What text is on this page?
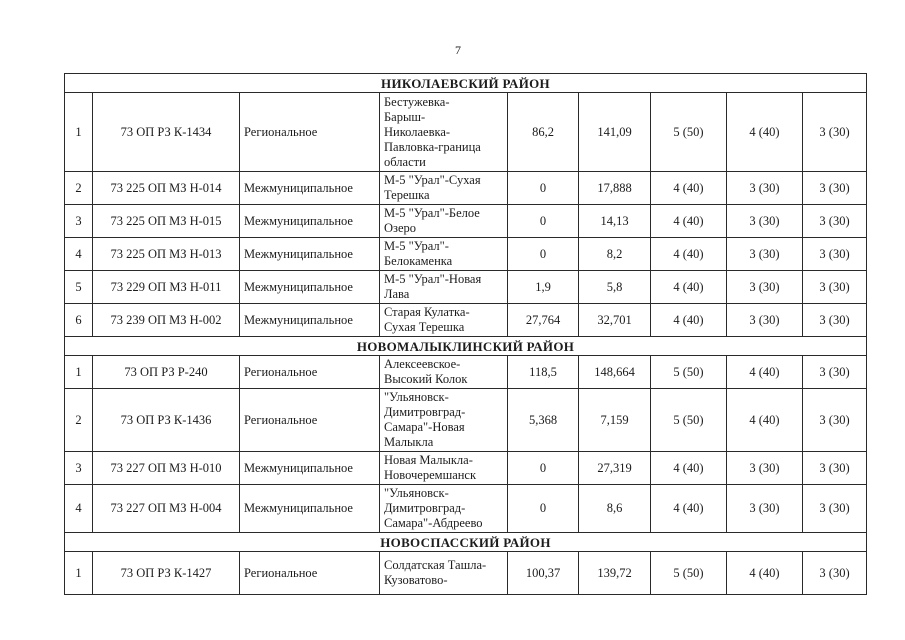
7
НИКОЛАЕВСКИЙ РАЙОН								
1	73 ОП РЗ К-1434	Региональное	Бестужевка-
Барыш-
Николаевка-
Павловка-граница
области	86,2	141,09	5 (50)	4 (40)	3 (30)
2	73 225 ОП МЗ Н-014	Межмуниципальное	М-5 "Урал"-Сухая
Терешка	0	17,888	4 (40)	3 (30)	3 (30)
3	73 225 ОП МЗ Н-015	Межмуниципальное	М-5 "Урал"-Белое
Озеро	0	14,13	4 (40)	3 (30)	3 (30)
4	73 225 ОП МЗ Н-013	Межмуниципальное	М-5 "Урал"-
Белокаменка	0	8,2	4 (40)	3 (30)	3 (30)
5	73 229 ОП МЗ Н-011	Межмуниципальное	М-5 "Урал"-Новая
Лава	1,9	5,8	4 (40)	3 (30)	3 (30)
6	73 239 ОП МЗ Н-002	Межмуниципальное	Старая Кулатка-
Сухая Терешка	27,764	32,701	4 (40)	3 (30)	3 (30)
НОВОМАЛЫКЛИНСКИЙ РАЙОН								
1	73 ОП РЗ Р-240	Региональное	Алексеевское-
Высокий Колок	118,5	148,664	5 (50)	4 (40)	3 (30)
2	73 ОП РЗ К-1436	Региональное	"Ульяновск-
Димитровград-
Самара"-Новая
Малыкла	5,368	7,159	5 (50)	4 (40)	3 (30)
3	73 227 ОП МЗ Н-010	Межмуниципальное	Новая Малыкла-
Новочеремшанск	0	27,319	4 (40)	3 (30)	3 (30)
4	73 227 ОП МЗ Н-004	Межмуниципальное	"Ульяновск-
Димитровград-
Самара"-Абдреево	0	8,6	4 (40)	3 (30)	3 (30)
НОВОСПАССКИЙ РАЙОН								
1	73 ОП РЗ К-1427	Региональное	Солдатская Ташла-
Кузоватово-	100,37	139,72	5 (50)	4 (40)	3 (30)
